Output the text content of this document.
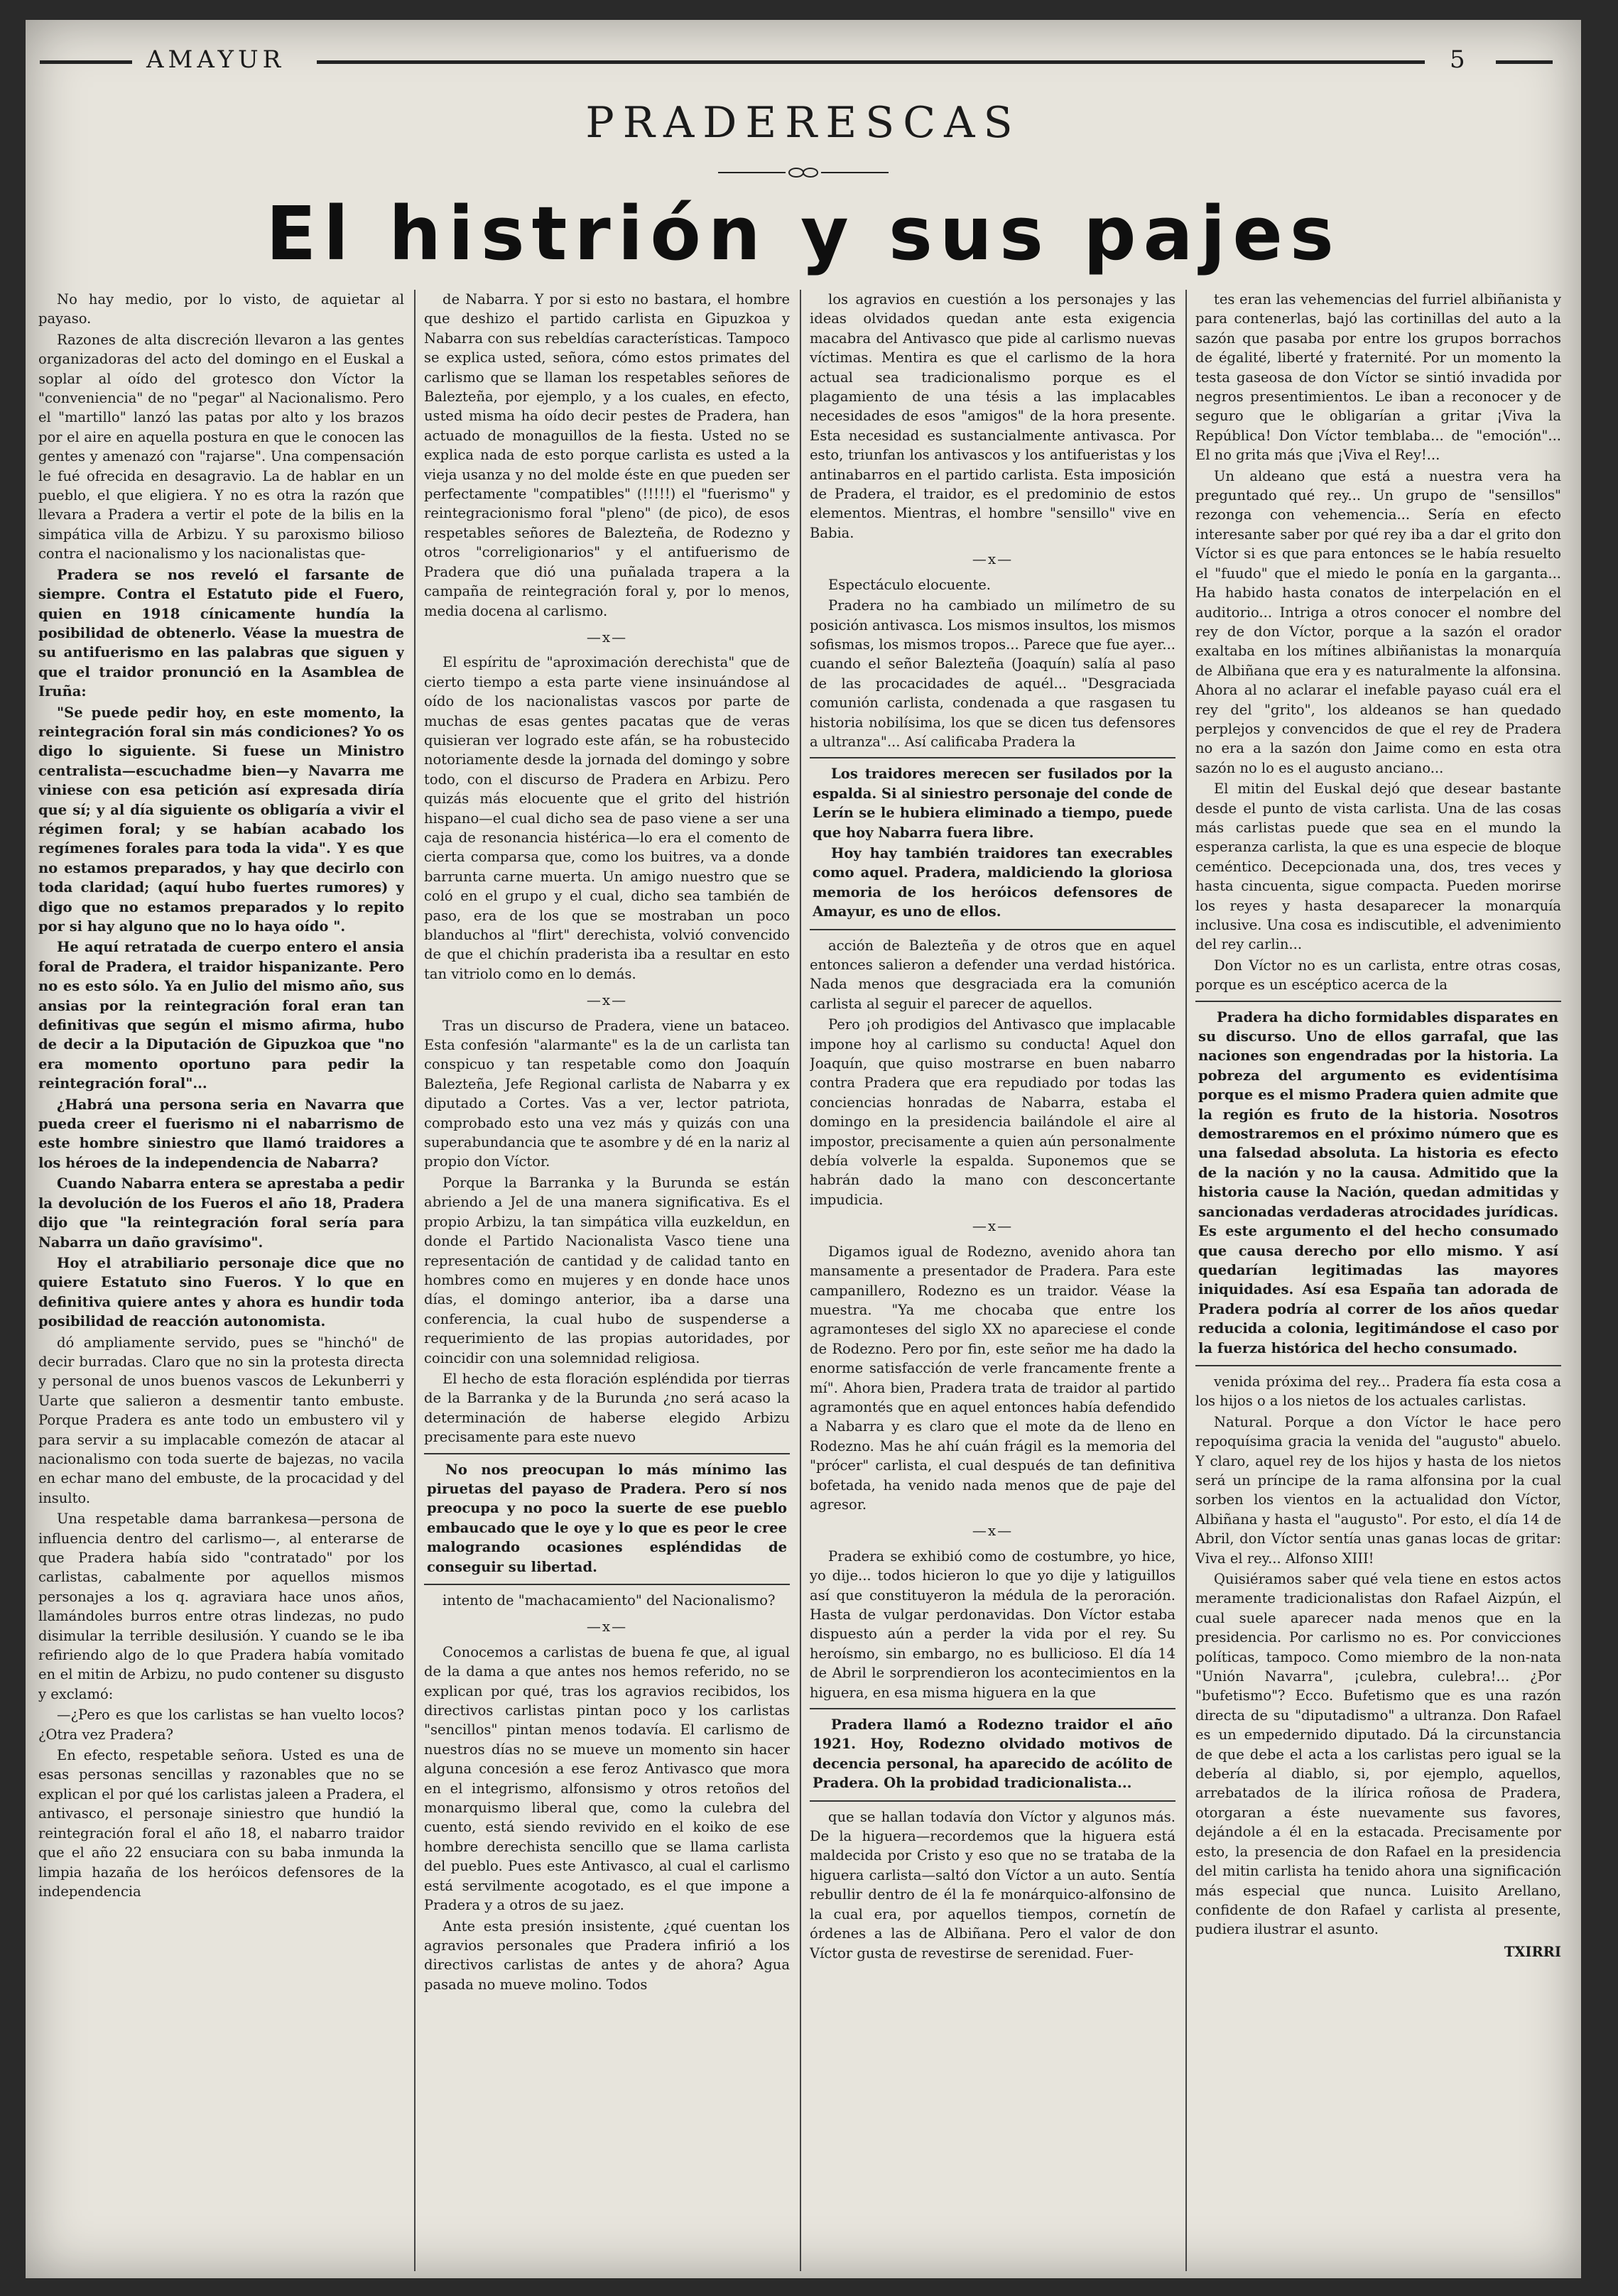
AMAYUR	5
PRADERESCAS
El histrión y sus pajes

No hay medio, por lo visto, de aquietar al payaso.

Razones de alta discreción llevaron a las gentes organizadoras del acto del domingo en el Euskal a soplar al oído del grotesco don Víctor la "conveniencia" de no "pegar" al Nacionalismo. Pero el "martillo" lanzó las patas por alto y los brazos por el aire en aquella postura en que le conocen las gentes y amenazó con "rajarse". Una compensación le fué ofrecida en desagravio. La de hablar en un pueblo, el que eligiera. Y no es otra la razón que llevara a Pradera a vertir el pote de la bilis en la simpática villa de Arbizu. Y su paroxismo bilioso contra el nacionalismo y los nacionalistas que-

Pradera se nos reveló el farsante de siempre. Contra el Estatuto pide el Fuero, quien en 1918 cínicamente hundía la posibilidad de obtenerlo. Véase la muestra de su antifuerismo en las palabras que siguen y que el traidor pronunció en la Asamblea de Iruña:

"Se puede pedir hoy, en este momento, la reintegración foral sin más condiciones? Yo os digo lo siguiente. Si fuese un Ministro centralista—escuchadme bien—y Navarra me viniese con esa petición así expresada diría que sí; y al día siguiente os obligaría a vivir el régimen foral; y se habían acabado los regímenes forales para toda la vida". Y es que no estamos preparados, y hay que decirlo con toda claridad; (aquí hubo fuertes rumores) y digo que no estamos preparados y lo repito por si hay alguno que no lo haya oído ".

He aquí retratada de cuerpo entero el ansia foral de Pradera, el traidor hispanizante. Pero no es esto sólo. Ya en Julio del mismo año, sus ansias por la reintegración foral eran tan definitivas que según el mismo afirma, hubo de decir a la Diputación de Gipuzkoa que "no era momento oportuno para pedir la reintegración foral"...

¿Habrá una persona seria en Navarra que pueda creer el fuerismo ni el nabarrismo de este hombre siniestro que llamó traidores a los héroes de la independencia de Nabarra?

Cuando Nabarra entera se aprestaba a pedir la devolución de los Fueros el año 18, Pradera dijo que "la reintegración foral sería para Nabarra un daño gravísimo".

Hoy el atrabiliario personaje dice que no quiere Estatuto sino Fueros. Y lo que en definitiva quiere antes y ahora es hundir toda posibilidad de reacción autonomista.

dó ampliamente servido, pues se "hinchó" de decir burradas. Claro que no sin la protesta directa y personal de unos buenos vascos de Lekunberri y Uarte que salieron a desmentir tanto embuste. Porque Pradera es ante todo un embustero vil y para servir a su implacable comezón de atacar al nacionalismo con toda suerte de bajezas, no vacila en echar mano del embuste, de la procacidad y del insulto.

Una respetable dama barrankesa—persona de influencia dentro del carlismo—, al enterarse de que Pradera había sido "contratado" por los carlistas, cabalmente por aquellos mismos personajes a los q. agraviara hace unos años, llamándoles burros entre otras lindezas, no pudo disimular la terrible desilusión. Y cuando se le iba refiriendo algo de lo que Pradera había vomitado en el mitin de Arbizu, no pudo contener su disgusto y exclamó:

—¿Pero es que los carlistas se han vuelto locos? ¿Otra vez Pradera?

En efecto, respetable señora. Usted es una de esas personas sencillas y razonables que no se explican el por qué los carlistas jaleen a Pradera, el antivasco, el personaje siniestro que hundió la reintegración foral el año 18, el nabarro traidor que el año 22 ensuciara con su baba inmunda la limpia hazaña de los heróicos defensores de la independencia

de Nabarra. Y por si esto no bastara, el hombre que deshizo el partido carlista en Gipuzkoa y Nabarra con sus rebeldías características. Tampoco se explica usted, señora, cómo estos primates del carlismo que se llaman los respetables señores de Balezteña, por ejemplo, y a los cuales, en efecto, usted misma ha oído decir pestes de Pradera, han actuado de monaguillos de la fiesta. Usted no se explica nada de esto porque carlista es usted a la vieja usanza y no del molde éste en que pueden ser perfectamente "compatibles" (!!!!!) el "fuerismo" y reintegracionismo foral "pleno" (de pico), de esos respetables señores de Balezteña, de Rodezno y otros "correligionarios" y el antifuerismo de Pradera que dió una puñalada trapera a la campaña de reintegración foral y, por lo menos, media docena al carlismo.

—x—

El espíritu de "aproximación derechista" que de cierto tiempo a esta parte viene insinuándose al oído de los nacionalistas vascos por parte de muchas de esas gentes pacatas que de veras quisieran ver logrado este afán, se ha robustecido notoriamente desde la jornada del domingo y sobre todo, con el discurso de Pradera en Arbizu. Pero quizás más elocuente que el grito del histrión hispano—el cual dicho sea de paso viene a ser una caja de resonancia histérica—lo era el comento de cierta comparsa que, como los buitres, va a donde barrunta carne muerta. Un amigo nuestro que se coló en el grupo y el cual, dicho sea también de paso, era de los que se mostraban un poco blanduchos al "flirt" derechista, volvió convencido de que el chichín praderista iba a resultar en esto tan vitriolo como en lo demás.

—x—

Tras un discurso de Pradera, viene un bataceo. Esta confesión "alarmante" es la de un carlista tan conspicuo y tan respetable como don Joaquín Balezteña, Jefe Regional carlista de Nabarra y ex diputado a Cortes. Vas a ver, lector patriota, comprobado esto una vez más y quizás con una superabundancia que te asombre y dé en la nariz al propio don Víctor.

Porque la Barranka y la Burunda se están abriendo a Jel de una manera significativa. Es el propio Arbizu, la tan simpática villa euzkeldun, en donde el Partido Nacionalista Vasco tiene una representación de cantidad y de calidad tanto en hombres como en mujeres y en donde hace unos días, el domingo anterior, iba a darse una conferencia, la cual hubo de suspenderse a requerimiento de las propias autoridades, por coincidir con una solemnidad religiosa.

El hecho de esta floración espléndida por tierras de la Barranka y de la Burunda ¿no será acaso la determinación de haberse elegido Arbizu precisamente para este nuevo

No nos preocupan lo más mínimo las piruetas del payaso de Pradera. Pero sí nos preocupa y no poco la suerte de ese pueblo embaucado que le oye y lo que es peor le cree malogrando ocasiones espléndidas de conseguir su libertad.

intento de "machacamiento" del Nacionalismo?

—x—

Conocemos a carlistas de buena fe que, al igual de la dama a que antes nos hemos referido, no se explican por qué, tras los agravios recibidos, los directivos carlistas pintan poco y los carlistas "sencillos" pintan menos todavía. El carlismo de nuestros días no se mueve un momento sin hacer alguna concesión a ese feroz Antivasco que mora en el integrismo, alfonsismo y otros retoños del monarquismo liberal que, como la culebra del cuento, está siendo revivido en el koiko de ese hombre derechista sencillo que se llama carlista del pueblo. Pues este Antivasco, al cual el carlismo está servilmente acogotado, es el que impone a Pradera y a otros de su jaez.

Ante esta presión insistente, ¿qué cuentan los agravios personales que Pradera infirió a los directivos carlistas de antes y de ahora? Agua pasada no mueve molino. Todos

los agravios en cuestión a los personajes y las ideas olvidados quedan ante esta exigencia macabra del Antivasco que pide al carlismo nuevas víctimas. Mentira es que el carlismo de la hora actual sea tradicionalismo porque es el plagamiento de una tésis a las implacables necesidades de esos "amigos" de la hora presente. Esta necesidad es sustancialmente antivasca. Por esto, triunfan los antivascos y los antifueristas y los antinabarros en el partido carlista. Esta imposición de Pradera, el traidor, es el predominio de estos elementos. Mientras, el hombre "sensillo" vive en Babia.

—x—

Espectáculo elocuente.

Pradera no ha cambiado un milímetro de su posición antivasca. Los mismos insultos, los mismos sofismas, los mismos tropos... Parece que fue ayer... cuando el señor Balezteña (Joaquín) salía al paso de las procacidades de aquél... "Desgraciada comunión carlista, condenada a que rasgasen tu historia nobilísima, los que se dicen tus defensores a ultranza"... Así calificaba Pradera la

Los traidores merecen ser fusilados por la espalda. Si al siniestro personaje del conde de Lerín se le hubiera eliminado a tiempo, puede que hoy Nabarra fuera libre.

Hoy hay también traidores tan execrables como aquel. Pradera, maldiciendo la gloriosa memoria de los heróicos defensores de Amayur, es uno de ellos.

acción de Balezteña y de otros que en aquel entonces salieron a defender una verdad histórica. Nada menos que desgraciada era la comunión carlista al seguir el parecer de aquellos.

Pero ¡oh prodigios del Antivasco que implacable impone hoy al carlismo su conducta! Aquel don Joaquín, que quiso mostrarse en buen nabarro contra Pradera que era repudiado por todas las conciencias honradas de Nabarra, estaba el domingo en la presidencia bailándole el aire al impostor, precisamente a quien aún personalmente debía volverle la espalda. Suponemos que se habrán dado la mano con desconcertante impudicia.

—x—

Digamos igual de Rodezno, avenido ahora tan mansamente a presentador de Pradera. Para este campanillero, Rodezno es un traidor. Véase la muestra. "Ya me chocaba que entre los agramonteses del siglo XX no apareciese el conde de Rodezno. Pero por fin, este señor me ha dado la enorme satisfacción de verle francamente frente a mí". Ahora bien, Pradera trata de traidor al partido agramontés que en aquel entonces había defendido a Nabarra y es claro que el mote da de lleno en Rodezno. Mas he ahí cuán frágil es la memoria del "prócer" carlista, el cual después de tan definitiva bofetada, ha venido nada menos que de paje del agresor.

—x—

Pradera se exhibió como de costumbre, yo hice, yo dije... todos hicieron lo que yo dije y latiguillos así que constituyeron la médula de la peroración. Hasta de vulgar perdonavidas. Don Víctor estaba dispuesto aún a perder la vida por el rey. Su heroísmo, sin embargo, no es bullicioso. El día 14 de Abril le sorprendieron los acontecimientos en la higuera, en esa misma higuera en la que

Pradera llamó a Rodezno traidor el año 1921. Hoy, Rodezno olvidado motivos de decencia personal, ha aparecido de acólito de Pradera. Oh la probidad tradicionalista...

que se hallan todavía don Víctor y algunos más. De la higuera—recordemos que la higuera está maldecida por Cristo y eso que no se trataba de la higuera carlista—saltó don Víctor a un auto. Sentía rebullir dentro de él la fe monárquico-alfonsino de la cual era, por aquellos tiempos, cornetín de órdenes a las de Albiñana. Pero el valor de don Víctor gusta de revestirse de serenidad. Fuer-

tes eran las vehemencias del furriel albiñanista y para contenerlas, bajó las cortinillas del auto a la sazón que pasaba por entre los grupos borrachos de égalité, liberté y fraternité. Por un momento la testa gaseosa de don Víctor se sintió invadida por negros presentimientos. Le iban a reconocer y de seguro que le obligarían a gritar ¡Viva la República! Don Víctor temblaba... de "emoción"... El no grita más que ¡Viva el Rey!...

Un aldeano que está a nuestra vera ha preguntado qué rey... Un grupo de "sensillos" rezonga con vehemencia... Sería en efecto interesante saber por qué rey iba a dar el grito don Víctor si es que para entonces se le había resuelto el "fuudo" que el miedo le ponía en la garganta... Ha habido hasta conatos de interpelación en el auditorio... Intriga a otros conocer el nombre del rey de don Víctor, porque a la sazón el orador exaltaba en los mítines albiñanistas la monarquía de Albiñana que era y es naturalmente la alfonsina. Ahora al no aclarar el inefable payaso cuál era el rey del "grito", los aldeanos se han quedado perplejos y convencidos de que el rey de Pradera no era a la sazón don Jaime como en esta otra sazón no lo es el augusto anciano...

El mitin del Euskal dejó que desear bastante desde el punto de vista carlista. Una de las cosas más carlistas puede que sea en el mundo la esperanza carlista, la que es una especie de bloque ceméntico. Decepcionada una, dos, tres veces y hasta cincuenta, sigue compacta. Pueden morirse los reyes y hasta desaparecer la monarquía inclusive. Una cosa es indiscutible, el advenimiento del rey carlin...

Don Víctor no es un carlista, entre otras cosas, porque es un escéptico acerca de la

Pradera ha dicho formidables disparates en su discurso. Uno de ellos garrafal, que las naciones son engendradas por la historia. La pobreza del argumento es evidentísima porque es el mismo Pradera quien admite que la región es fruto de la historia. Nosotros demostraremos en el próximo número que es una falsedad absoluta. La historia es efecto de la nación y no la causa. Admitido que la historia cause la Nación, quedan admitidas y sancionadas verdaderas atrocidades jurídicas. Es este argumento el del hecho consumado que causa derecho por ello mismo. Y así quedarían legitimadas las mayores iniquidades. Así esa España tan adorada de Pradera podría al correr de los años quedar reducida a colonia, legitimándose el caso por la fuerza histórica del hecho consumado.

venida próxima del rey... Pradera fía esta cosa a los hijos o a los nietos de los actuales carlistas.

Natural. Porque a don Víctor le hace pero repoquísima gracia la venida del "augusto" abuelo. Y claro, aquel rey de los hijos y hasta de los nietos será un príncipe de la rama alfonsina por la cual sorben los vientos en la actualidad don Víctor, Albiñana y hasta el "augusto". Por esto, el día 14 de Abril, don Víctor sentía unas ganas locas de gritar: Viva el rey... Alfonso XIII!

Quisiéramos saber qué vela tiene en estos actos meramente tradicionalistas don Rafael Aizpún, el cual suele aparecer nada menos que en la presidencia. Por carlismo no es. Por convicciones políticas, tampoco. Como miembro de la non-nata "Unión Navarra", ¡culebra, culebra!... ¿Por "bufetismo"? Ecco. Bufetismo que es una razón directa de su "diputadismo" a ultranza. Don Rafael es un empedernido diputado. Dá la circunstancia de que debe el acta a los carlistas pero igual se la debería al diablo, si, por ejemplo, aquellos, arrebatados de la ilírica roñosa de Pradera, otorgaran a éste nuevamente sus favores, dejándole a él en la estacada. Precisamente por esto, la presencia de don Rafael en la presidencia del mitin carlista ha tenido ahora una significación más especial que nunca. Luisito Arellano, confidente de don Rafael y carlista al presente, pudiera ilustrar el asunto.

TXIRRI
